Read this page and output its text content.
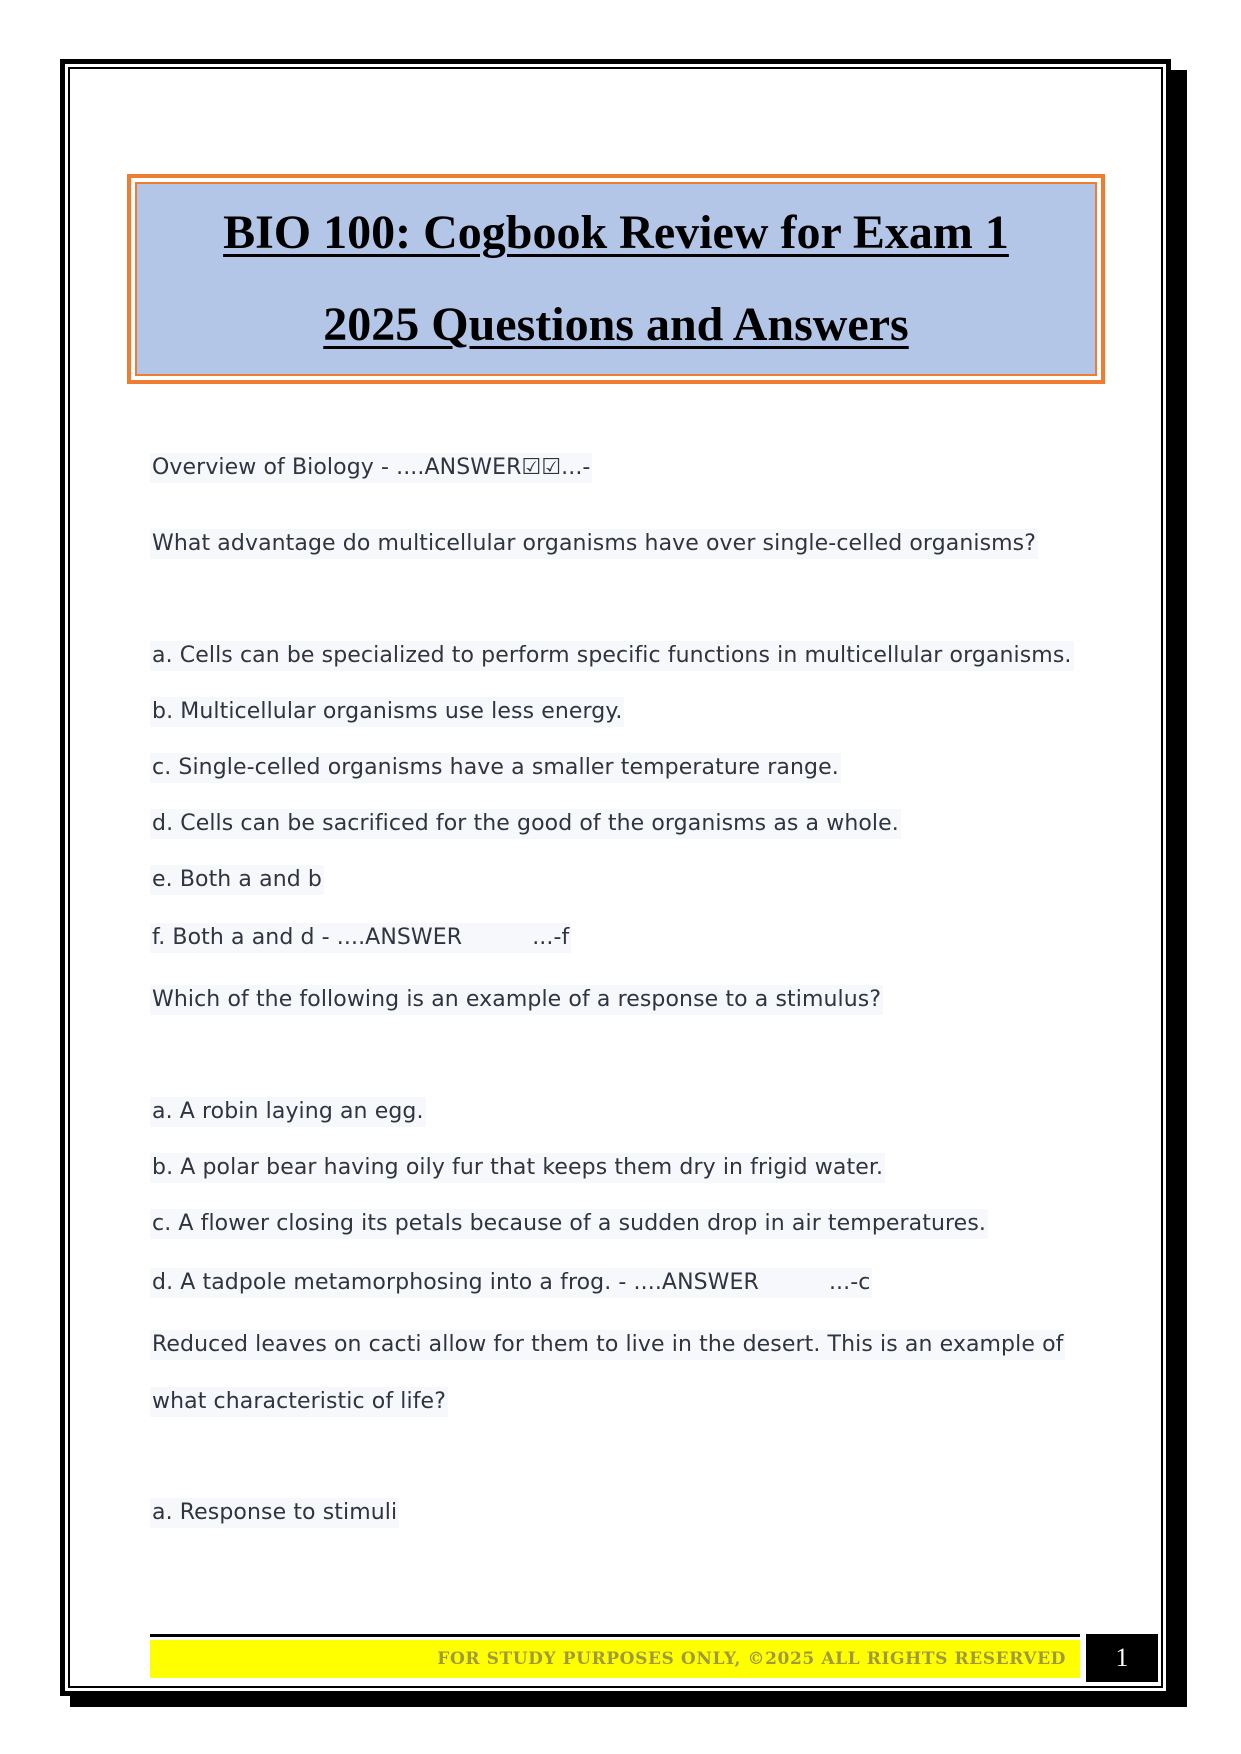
BIO 100: Cogbook Review for Exam 1
2025 Questions and Answers
Overview of Biology - ....ANSWER☑☑...-
What advantage do multicellular organisms have over single-celled organisms?
a. Cells can be specialized to perform specific functions in multicellular organisms.
b. Multicellular organisms use less energy.
c. Single-celled organisms have a smaller temperature range.
d. Cells can be sacrificed for the good of the organisms as a whole.
e. Both a and b
f. Both a and d - ....ANSWER	...-f
Which of the following is an example of a response to a stimulus?
a. A robin laying an egg.
b. A polar bear having oily fur that keeps them dry in frigid water.
c. A flower closing its petals because of a sudden drop in air temperatures.
d. A tadpole metamorphosing into a frog. - ....ANSWER	...-c
Reduced leaves on cacti allow for them to live in the desert. This is an example of
what characteristic of life?
a. Response to stimuli
FOR STUDY PURPOSES ONLY, ©2025 ALL RIGHTS RESERVED 1
